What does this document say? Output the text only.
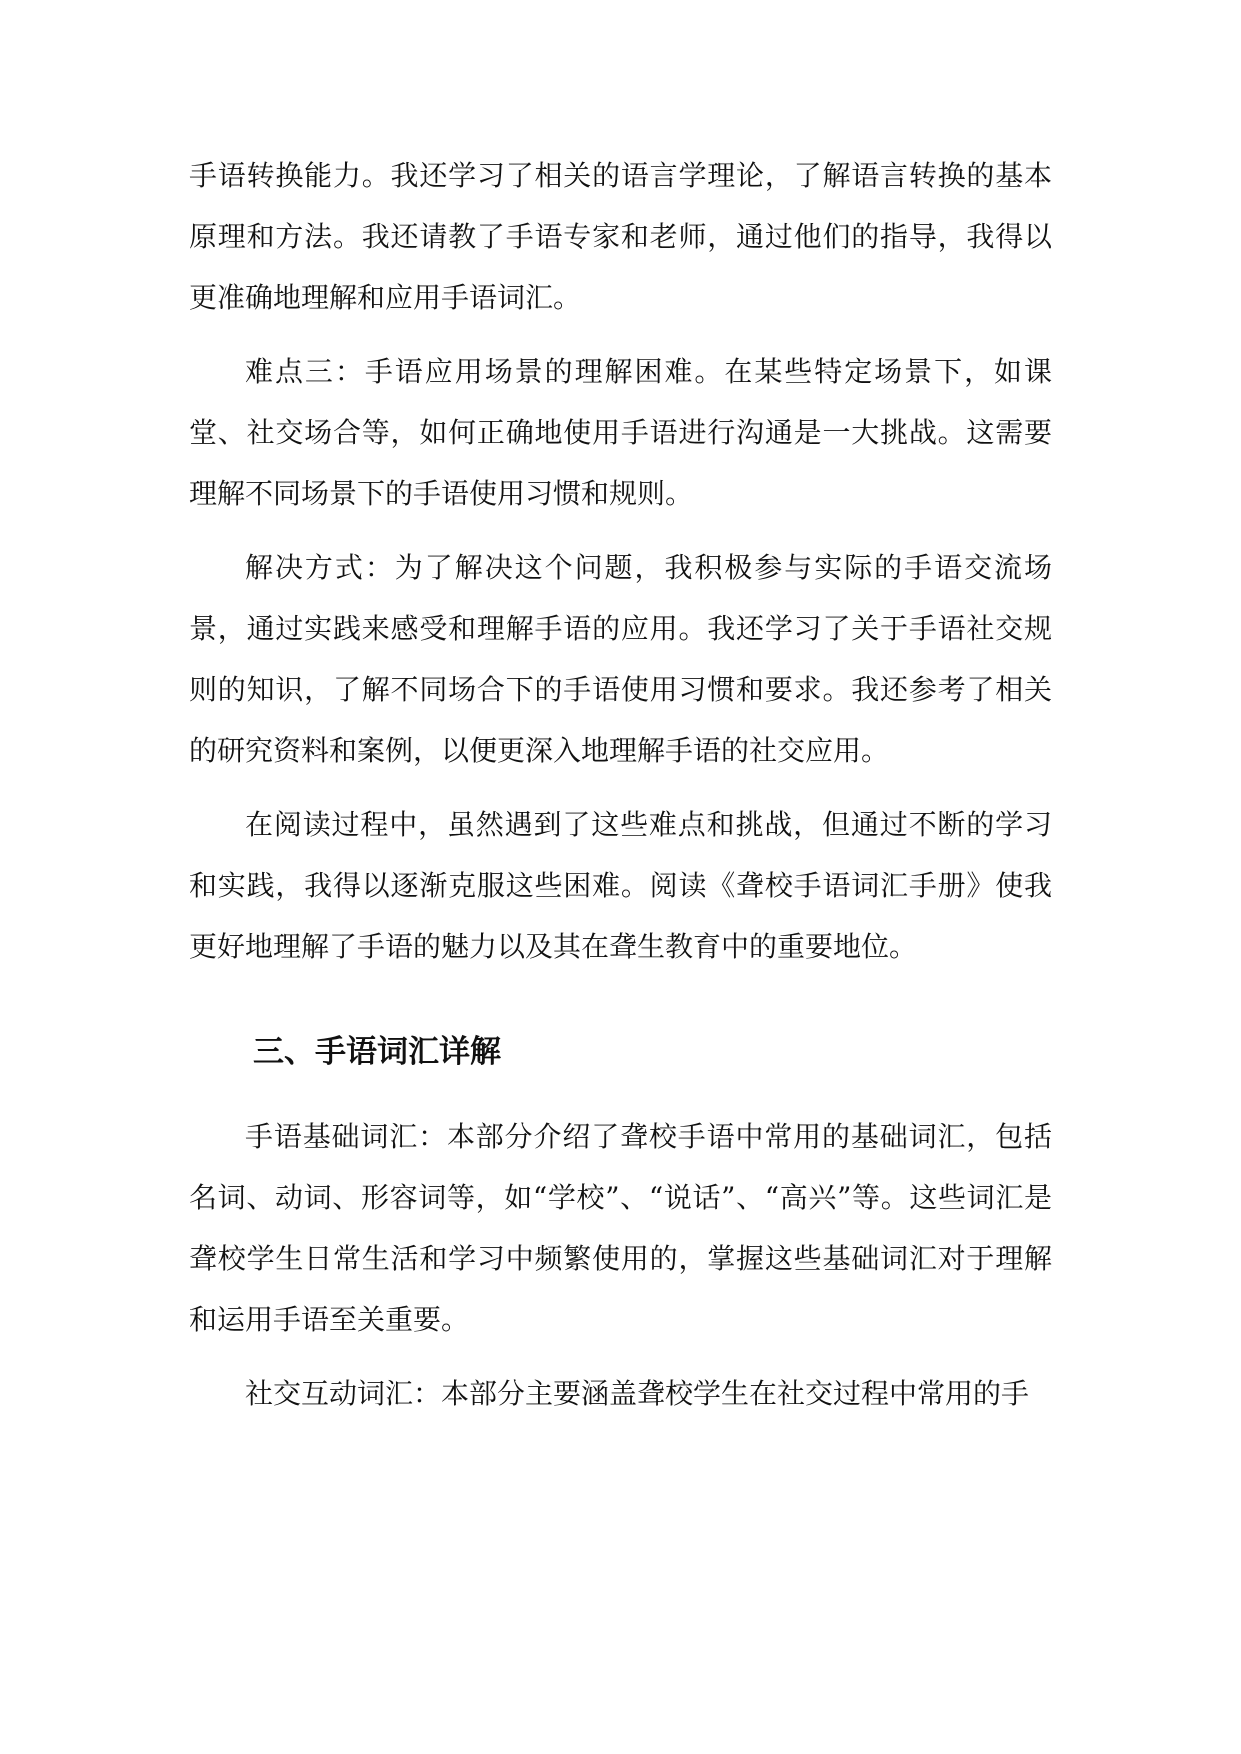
手语转换能力。我还学习了相关的语言学理论，了解语言转换的基本原理和方法。我还请教了手语专家和老师，通过他们的指导，我得以更准确地理解和应用手语词汇。

难点三：手语应用场景的理解困难。在某些特定场景下，如课堂、社交场合等，如何正确地使用手语进行沟通是一大挑战。这需要理解不同场景下的手语使用习惯和规则。

解决方式：为了解决这个问题，我积极参与实际的手语交流场景，通过实践来感受和理解手语的应用。我还学习了关于手语社交规则的知识，了解不同场合下的手语使用习惯和要求。我还参考了相关的研究资料和案例，以便更深入地理解手语的社交应用。

在阅读过程中，虽然遇到了这些难点和挑战，但通过不断的学习和实践，我得以逐渐克服这些困难。阅读《聋校手语词汇手册》使我更好地理解了手语的魅力以及其在聋生教育中的重要地位。

三、手语词汇详解

手语基础词汇：本部分介绍了聋校手语中常用的基础词汇，包括名词、动词、形容词等，如“学校”、“说话”、“高兴”等。这些词汇是聋校学生日常生活和学习中频繁使用的，掌握这些基础词汇对于理解和运用手语至关重要。

社交互动词汇：本部分主要涵盖聋校学生在社交过程中常用的手
